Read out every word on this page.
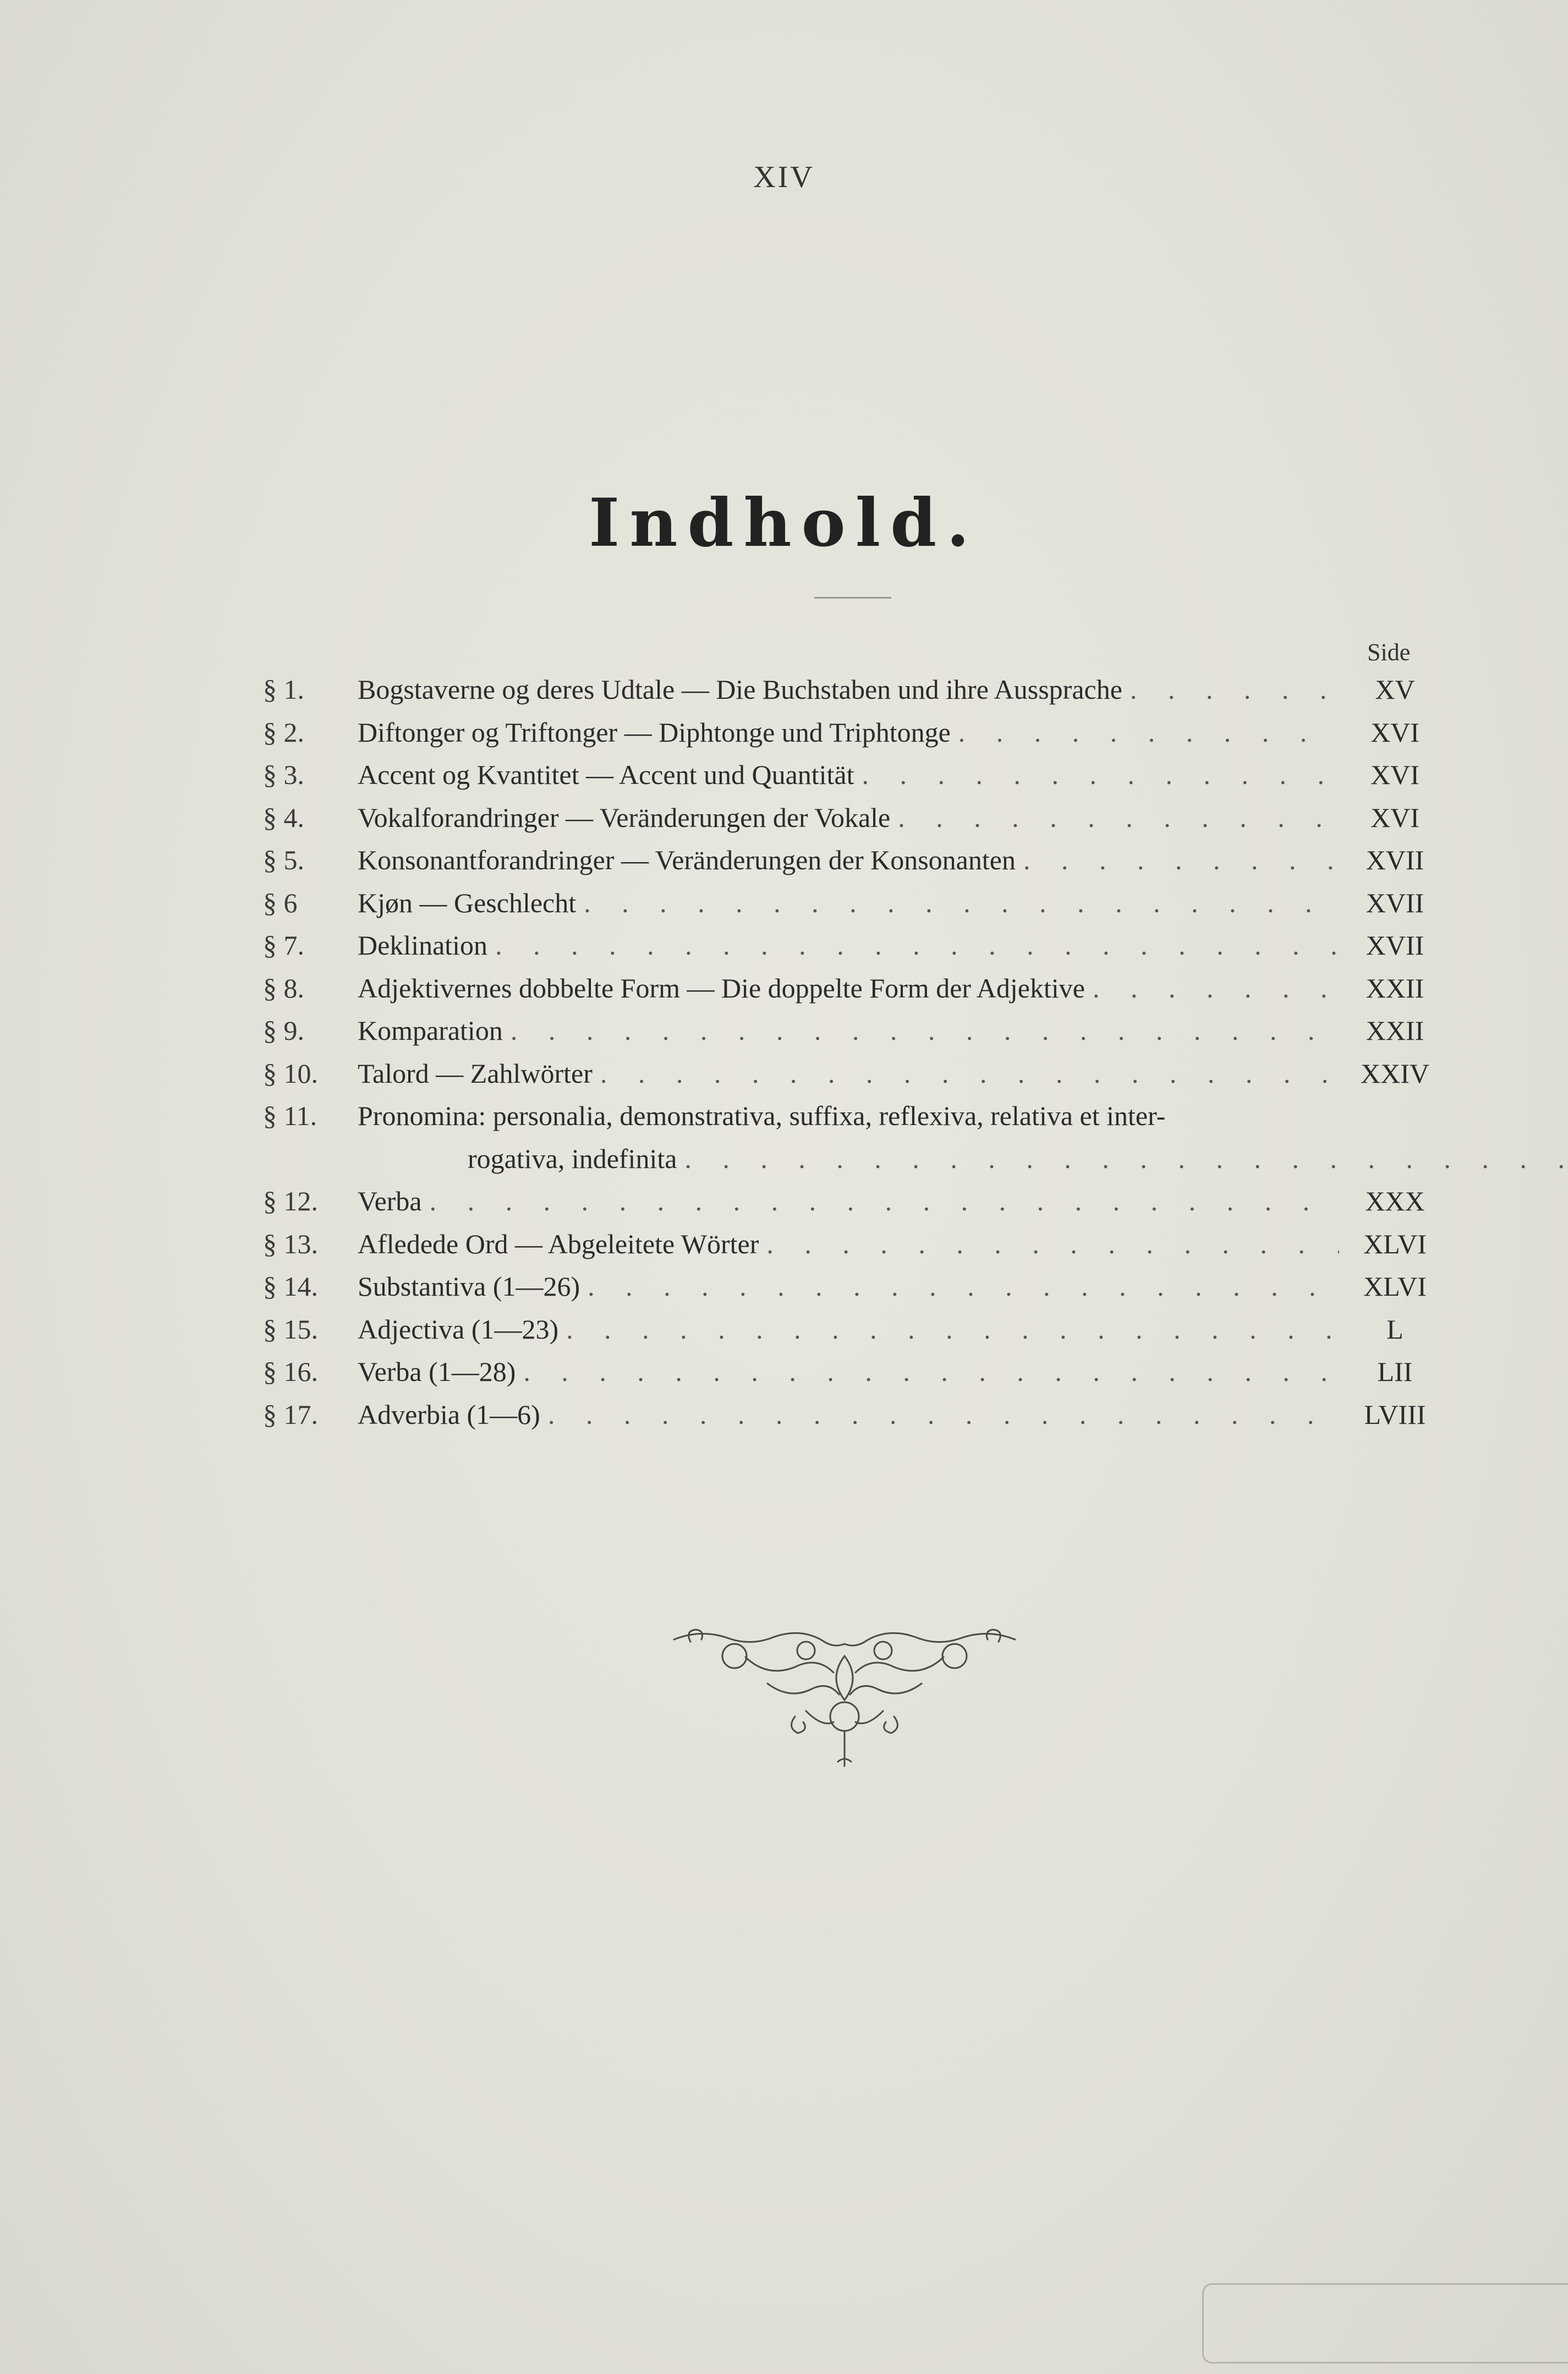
XIV
Indhold.
Side
§ 1.	Bogstaverne og deres Udtale — Die Buchstaben und ihre Aussprache . . .	XV
§ 2.	Diftonger og Triftonger — Diphtonge und Triphtonge . . .	XVI
§ 3.	Accent og Kvantitet — Accent und Quantität . . .	XVI
§ 4.	Vokalforandringer — Veränderungen der Vokale . . .	XVI
§ 5.	Konsonantforandringer — Veränderungen der Konsonanten . . .	XVII
§ 6	Kjøn — Geschlecht . . .	XVII
§ 7.	Deklination . . .	XVII
§ 8.	Adjektivernes dobbelte Form — Die doppelte Form der Adjektive . . .	XXII
§ 9.	Komparation . . .	XXII
§ 10.	Talord — Zahlwörter . . .	XXIV
§ 11.	Pronomina: personalia, demonstrativa, suffixa, reflexiva, relativa et inter-
rogativa, indefinita
. . .
§ 12.	Verba . . .	XXX
§ 13.	Afledede Ord — Abgeleitete Wörter . . .	XLVI
§ 14.	Substantiva (1—26) . . .	XLVI
§ 15.	Adjectiva (1—23) . . .	L
§ 16.	Verba (1—28) . . .	LII
§ 17.	Adverbia (1—6) . . .	LVIII
